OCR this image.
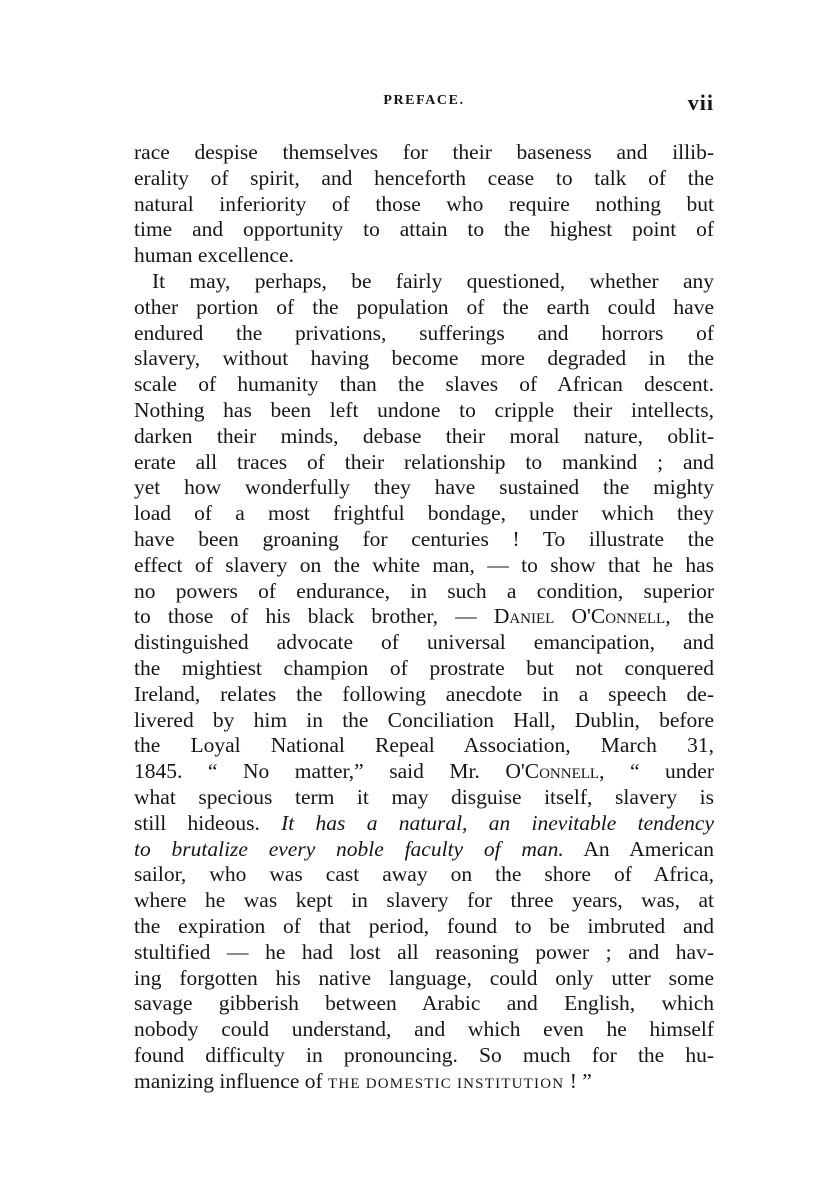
PREFACE.	vii
race despise themselves for their baseness and illib-
erality of spirit, and henceforth cease to talk of the
natural inferiority of those who require nothing but
time and opportunity to attain to the highest point of
human excellence.
It may, perhaps, be fairly questioned, whether any
other portion of the population of the earth could have
endured the privations, sufferings and horrors of
slavery, without having become more degraded in the
scale of humanity than the slaves of African descent.
Nothing has been left undone to cripple their intellects,
darken their minds, debase their moral nature, oblit-
erate all traces of their relationship to mankind ; and
yet how wonderfully they have sustained the mighty
load of a most frightful bondage, under which they
have been groaning for centuries ! To illustrate the
effect of slavery on the white man, — to show that he has
no powers of endurance, in such a condition, superior
to those of his black brother, — Daniel O'Connell, the
distinguished advocate of universal emancipation, and
the mightiest champion of prostrate but not conquered
Ireland, relates the following anecdote in a speech de-
livered by him in the Conciliation Hall, Dublin, before
the Loyal National Repeal Association, March 31,
1845. “ No matter,” said Mr. O'Connell, “ under
what specious term it may disguise itself, slavery is
still hideous. It has a natural, an inevitable tendency
to brutalize every noble faculty of man. An American
sailor, who was cast away on the shore of Africa,
where he was kept in slavery for three years, was, at
the expiration of that period, found to be imbruted and
stultified — he had lost all reasoning power ; and hav-
ing forgotten his native language, could only utter some
savage gibberish between Arabic and English, which
nobody could understand, and which even he himself
found difficulty in pronouncing. So much for the hu-
manizing influence of THE DOMESTIC INSTITUTION ! ”
